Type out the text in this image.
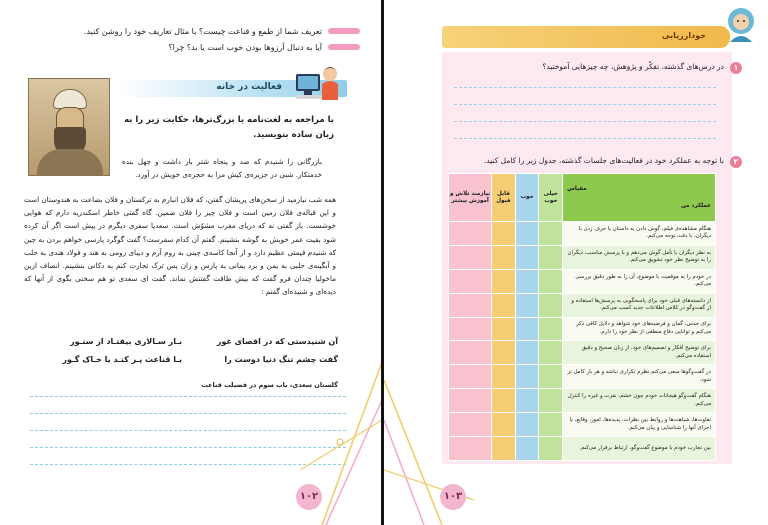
تعریف شما از طمع و قناعت چیست؟ با مثال تعاریف خود را روشن کنید.
آیا به دنبال آرزوها بودن خوب است یا بد؟ چرا؟
فعالیت در خانه
با مراجعه به لغت‌نامه یا بزرگ‌ترها، حکایت زیر را به زبان ساده بنویسید.
بازرگانی را شنیدم که صد و پنجاه شتر بار داشت و چهل بنده خدمتکار. شبی در جزیره‌ی کیش مرا به حجره‌ی خویش در آورد.
همه شب نیارمید از سخن‌های پریشان گفتن، که فلان انبارم به ترکستان و فلان بضاعت به هندوستان است و این قباله‌ی فلان زمین است و فلان چیز را فلان ضمین. گاه گفتی خاطر اسکندریه دارم که هوایی خوشست. باز گفتی نه که دریای مغرب مشوّش است. سعدیا سفری دیگرم در پیش است اگر آن کرده شود بقیت عمر خویش به گوشه بنشینم. گفتم آن کدام سفرست؟ گفت گوگرد پارسی خواهم بردن به چین که شنیدم قیمتی عظیم دارد و از آنجا کاسه‌ی چینی به روم آرم و دیبای رومی به هند و فولاد هندی به حلب و آبگینه‌ی حلبی به یمن و برد یمانی به پارس و زان پس ترک تجارت کنم به دکانی بنشینم. انصاف ازین ماخولیا چندان فرو گفت که بیش طاقت گفتنش نماند. گفت ای سعدی تو هم سخنی بگوی از آنها که دیده‌ای و شنیده‌ای گفتم :
آن شنیدستی که در اقصای غور
بـار سـالاری بیفتـاد از ستـور
گفت چشم تنگ دنیا دوست را
یـا قناعت پـر کنـد یا خـاک گـور
گلستان سعدی، باب سوم در فضیلت قناعت
۱۰۲
خودارزیابی
۱
در درس‌های گذشته، تفکّر و پژوهش، چه چیزهایی آموختید؟
۲
با توجه به عملکرد خود در فعالیت‌های جلسات گذشته، جدول زیر را کامل کنید.
مقیاس
عملکرد من	خیلی خوب	خوب	قابل قبول	نیازمند تلاش و آموزش بیشتر
هنگام مشاهده‌ی فیلم، گوش دادن به داستان یا حرف زدن با دیگران، با دقت توجه می‌کنم.				
به نظر دیگران با تأمل گوش می‌دهم و با پرسش مناسب، دیگران را به توضیح نظر خود تشویق می‌کنم.				
در خودم را به موقعیت با موضوع، آن را به طور دقیق بررسی می‌کنم.				
از دانسته‌های قبلی خود برای پاسخگویی به پرسش‌ها استفاده و از گفت‌وگو در کلاس اطلاعات جدید کسب می‌کنم.				
برای حدس، گمان و فرضیه‌های خود شواهد و دلایل کافی ذکر می‌کنم و توانایی دفاع منطقی از نظر خود را دارم.				
برای توضیح افکار و تصمیم‌های خود، از زبان صحیح و دقیق استفاده می‌کنم.				
در گفت‌وگوها سعی می‌کنم نظرم تکراری نباشد و هر بار کامل تر شود.				
هنگام گفت‌وگو هیجانات خودم چون خشم، نفرت و غیره را کنترل می‌کنم.				
تفاوت‌ها، شباهت‌ها و روابط بین نظرات، پدیده‌ها، امور، وقایع، یا اجزای آنها را شناسایی و بیان می‌کنم.				
بین تجارب خودم با موضوع گفت‌وگو، ارتباط برقرار می‌کنم.				
۱۰۳
